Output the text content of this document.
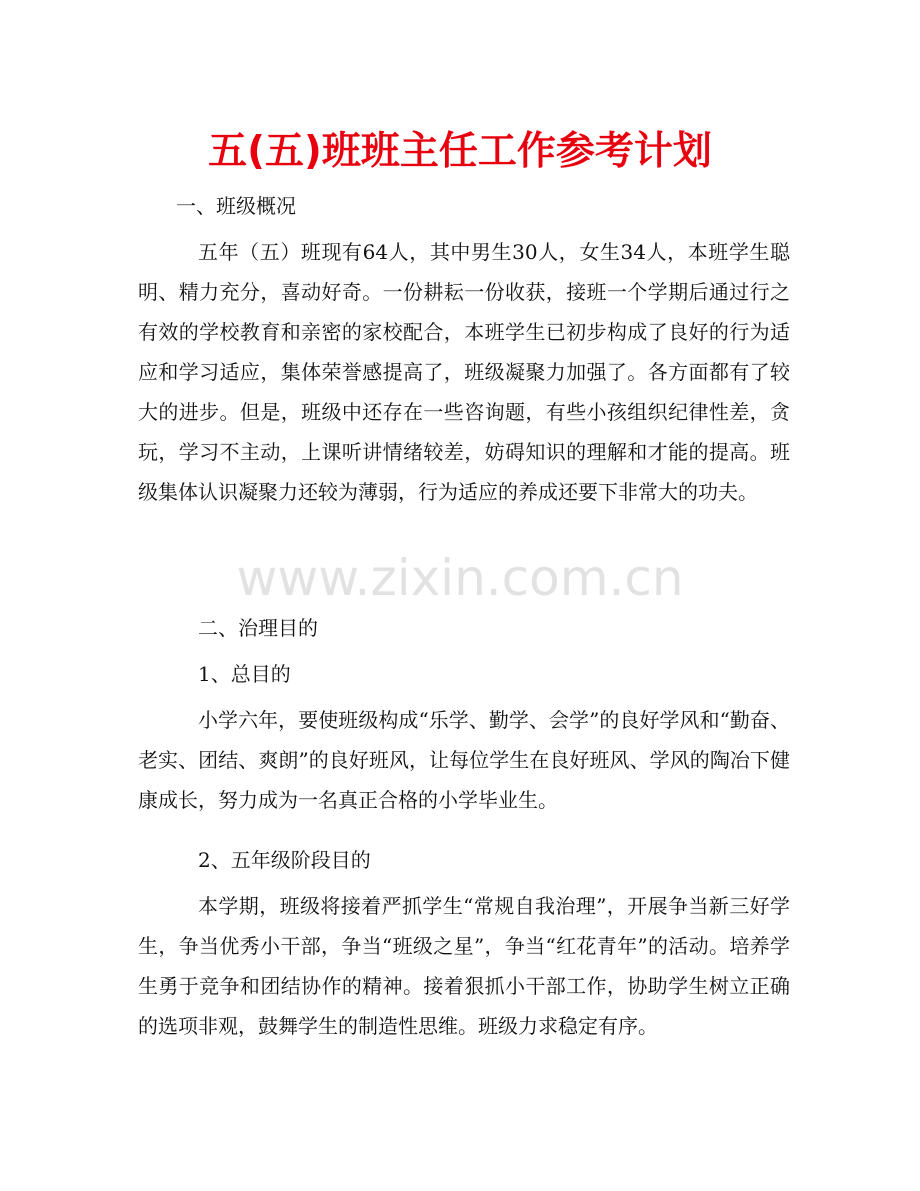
五(五)班班主任工作参考计划
一、班级概况
五年（五）班现有64人，其中男生30人，女生34人，本班学生聪明、精力充分，喜动好奇。一份耕耘一份收获，接班一个学期后通过行之有效的学校教育和亲密的家校配合，本班学生已初步构成了良好的行为适应和学习适应，集体荣誉感提高了，班级凝聚力加强了。各方面都有了较大的进步。但是，班级中还存在一些咨询题，有些小孩组织纪律性差，贪玩，学习不主动，上课听讲情绪较差，妨碍知识的理解和才能的提高。班级集体认识凝聚力还较为薄弱，行为适应的养成还要下非常大的功夫。
二、治理目的
1、总目的
小学六年，要使班级构成“乐学、勤学、会学”的良好学风和“勤奋、老实、团结、爽朗”的良好班风，让每位学生在良好班风、学风的陶冶下健康成长，努力成为一名真正合格的小学毕业生。
2、五年级阶段目的
本学期，班级将接着严抓学生“常规自我治理”，开展争当新三好学生，争当优秀小干部，争当“班级之星”，争当“红花青年”的活动。培养学生勇于竞争和团结协作的精神。接着狠抓小干部工作，协助学生树立正确的选项非观，鼓舞学生的制造性思维。班级力求稳定有序。
www.zixin.com.cn
